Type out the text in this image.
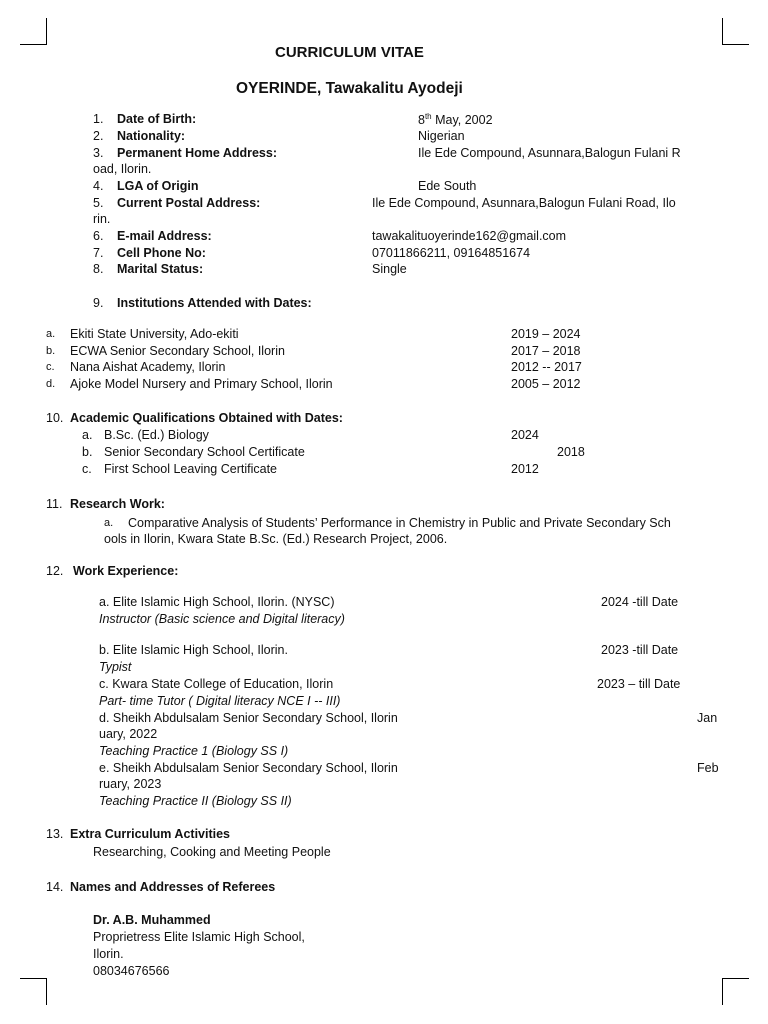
CURRICULUM VITAE
OYERINDE, Tawakalitu Ayodeji
1. Date of Birth:	8th May, 2002
2. Nationality:	Nigerian
3. Permanent Home Address:	Ile Ede Compound, Asunnara,Balogun Fulani R
oad, Ilorin.
4. LGA of Origin	Ede South
5. Current Postal Address:	Ile Ede Compound, Asunnara,Balogun Fulani Road, Ilo
rin.
6. E-mail Address:	tawakalituoyerinde162@gmail.com
7. Cell Phone No:	07011866211, 09164851674
8. Marital Status:	Single
9. Institutions Attended with Dates:
a. Ekiti State University, Ado-ekiti	2019 – 2024
b. ECWA Senior Secondary School, Ilorin	2017 – 2018
c. Nana Aishat Academy, Ilorin	2012 -- 2017
d. Ajoke Model Nursery and Primary School, Ilorin	2005 – 2012
10. Academic Qualifications Obtained with Dates:
a. B.Sc. (Ed.) Biology	2024
b. Senior Secondary School Certificate	2018
c. First School Leaving Certificate	2012
11. Research Work:
a. Comparative Analysis of Students’ Performance in Chemistry in Public and Private Secondary Sch
ools in Ilorin, Kwara State B.Sc. (Ed.) Research Project, 2006.
12. Work Experience:
a. Elite Islamic High School, Ilorin. (NYSC)	2024 -till Date
Instructor (Basic science and Digital literacy)
b. Elite Islamic High School, Ilorin.	2023 -till Date
Typist
c. Kwara State College of Education, Ilorin	2023 – till Date
Part- time Tutor ( Digital literacy NCE I -- III)
d. Sheikh Abdulsalam Senior Secondary School, Ilorin	Jan
uary, 2022
Teaching Practice 1 (Biology SS I)
e. Sheikh Abdulsalam Senior Secondary School, Ilorin	Feb
ruary, 2023
Teaching Practice II (Biology SS II)
13. Extra Curriculum Activities
Researching, Cooking and Meeting People
14. Names and Addresses of Referees
Dr. A.B. Muhammed
Proprietress Elite Islamic High School,
Ilorin.
08034676566
